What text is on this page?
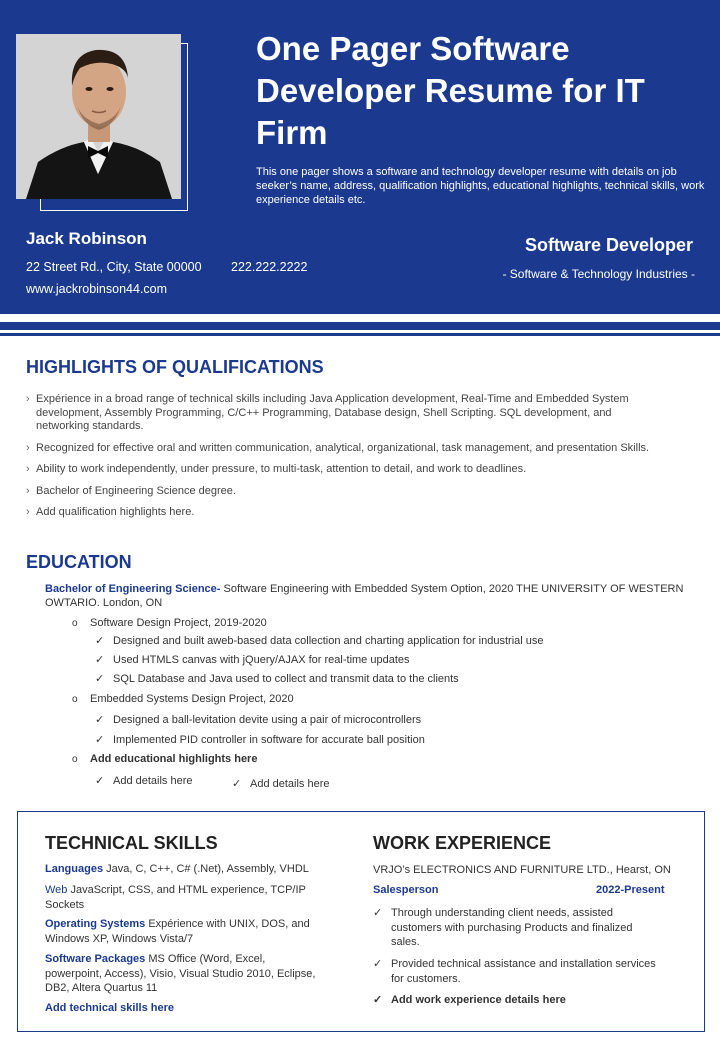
One Pager Software Developer Resume for IT Firm
This one pager shows a software and technology developer resume with details on job seeker’s name, address, qualification highlights, educational highlights, technical skills, work experience details etc.
Jack Robinson
22 Street Rd., City, State 00000 222.222.2222
www.jackrobinson44.com
Software Developer
- Software & Technology Industries -
HIGHLIGHTS OF QUALIFICATIONS
› Expérience in a broad range of technical skills including Java Application development, Real-Time and Embedded System development, Assembly Programming, C/C++ Programming, Database design, Shell Scripting. SQL development, and networking standards.
› Recognized for effective oral and written communication, analytical, organizational, task management, and presentation Skills.
› Ability to work independently, under pressure, to multi-task, attention to detail, and work to deadlines.
› Bachelor of Engineering Science degree.
› Add qualification highlights here.
EDUCATION
Bachelor of Engineering Science- Software Engineering with Embedded System Option, 2020 THE UNIVERSITY OF WESTERN OWTARIO. London, ON
o Software Design Project, 2019-2020
✓ Designed and built aweb-based data collection and charting application for industrial use
✓ Used HTMLS canvas with jQuery/AJAX for real-time updates
✓ SQL Database and Java used to collect and transmit data to the clients
o Embedded Systems Design Project, 2020
✓ Designed a ball-levitation devite using a pair of microcontrollers
✓ Implemented PID controller in software for accurate ball position
o Add educational highlights here
✓ Add details here	✓ Add details here
TECHNICAL SKILLS
Languages Java, C, C++, C# (.Net), Assembly, VHDL
Web JavaScript, CSS, and HTML experience, TCP/IP Sockets
Operating Systems Expérience with UNIX, DOS, and Windows XP, Windows Vista/7
Software Packages MS Office (Word, Excel, powerpoint, Access), Visio, Visual Studio 2010, Eclipse, DB2, Altera Quartus 11
Add technical skills here
WORK EXPERIENCE
VRJO’s ELECTRONICS AND FURNITURE LTD., Hearst, ON
Salesperson	2022-Present
✓ Through understanding client needs, assisted customers with purchasing Products and finalized sales.
✓ Provided technical assistance and installation services for customers.
✓ Add work experience details here
